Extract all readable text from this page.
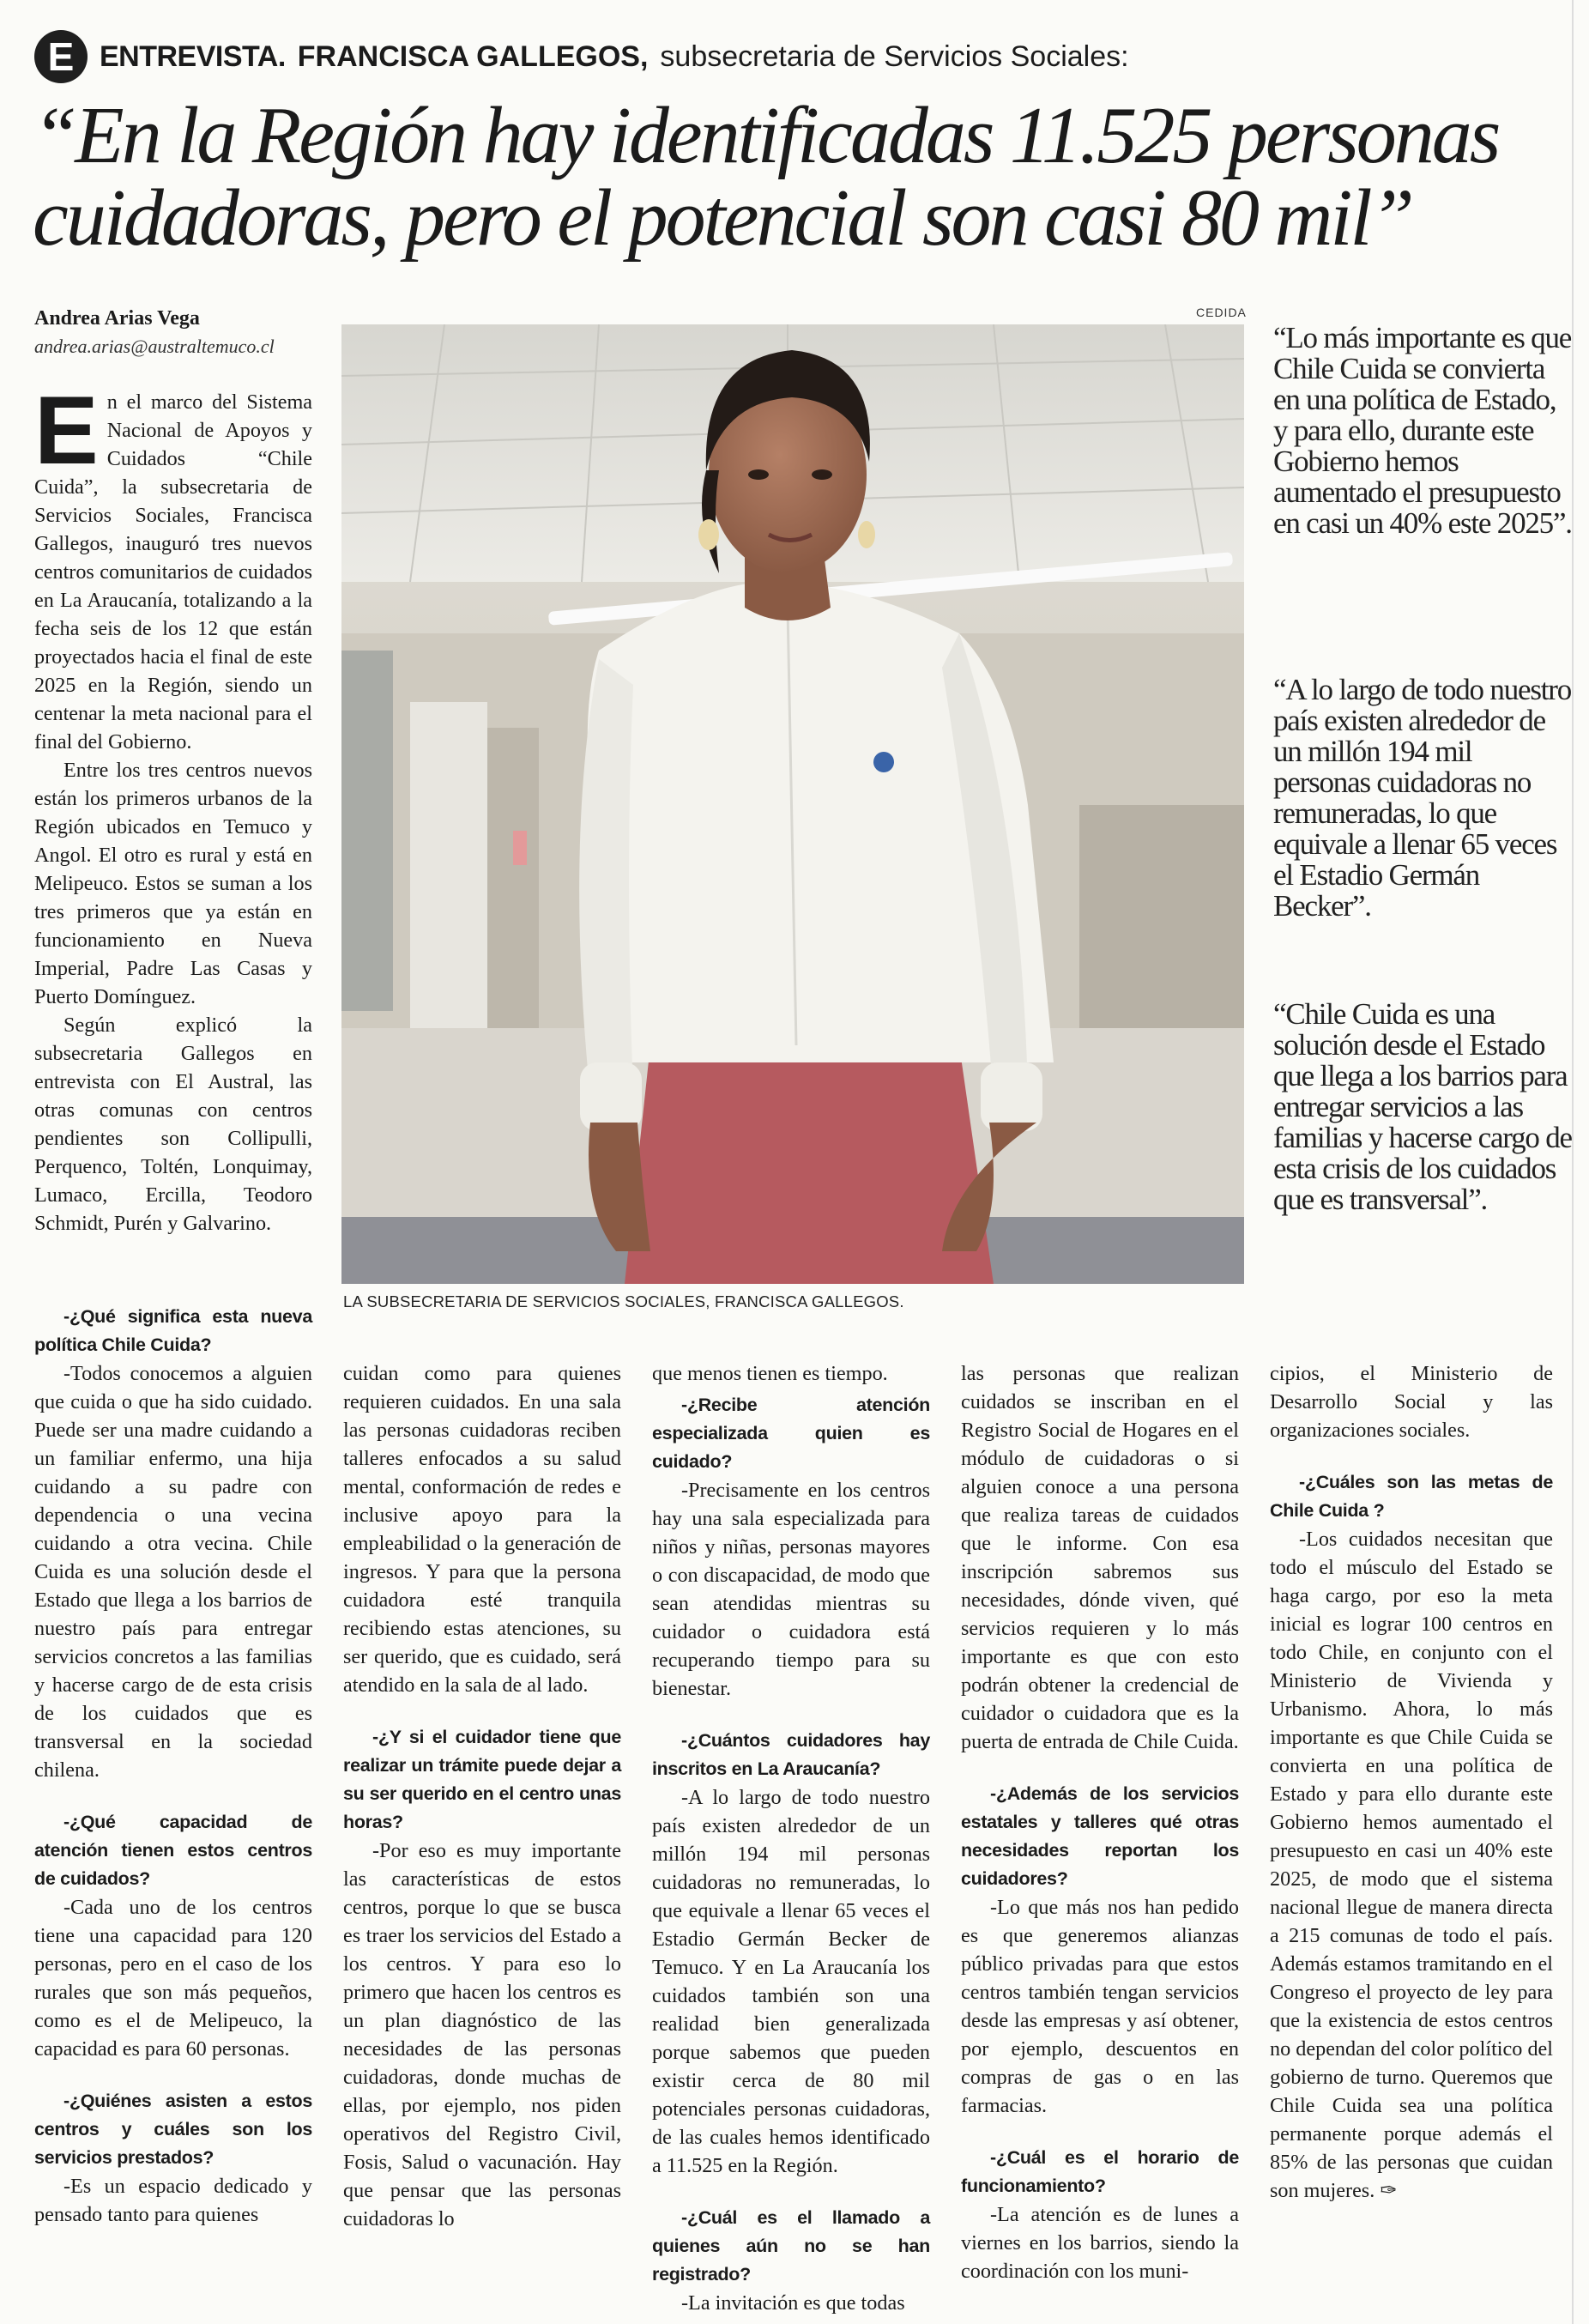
E ENTREVISTA. FRANCISCA GALLEGOS, subsecretaria de Servicios Sociales:
“En la Región hay identificadas 11.525 personas
cuidadoras, pero el potencial son casi 80 mil”
Andrea Arias Vega
andrea.arias@australtemuco.cl

En el marco del Sistema Nacional de Apoyos y Cuidados “Chile Cuida”, la subsecretaria de Servicios Sociales, Francisca Gallegos, inauguró tres nuevos centros comunitarios de cuidados en La Araucanía, totalizando a la fecha seis de los 12 que están proyectados hacia el final de este 2025 en la Región, siendo un centenar la meta nacional para el final del Gobierno.

Entre los tres centros nuevos están los primeros urbanos de la Región ubicados en Temuco y Angol. El otro es rural y está en Melipeuco. Estos se suman a los tres primeros que ya están en funcionamiento en Nueva Imperial, Padre Las Casas y Puerto Domínguez.

Según explicó la subsecretaria Gallegos en entrevista con El Austral, las otras comunas con centros pendientes son Collipulli, Perquenco, Toltén, Lonquimay, Lumaco, Ercilla, Teodoro Schmidt, Purén y Galvarino.

CEDIDA
LA SUBSECRETARIA DE SERVICIOS SOCIALES, FRANCISCA GALLEGOS.

“Lo más importante es que Chile Cuida se convierta en una política de Estado, y para ello, durante este Gobierno hemos aumentado el presupuesto en casi un 40% este 2025”.

“A lo largo de todo nuestro país existen alrededor de un millón 194 mil personas cuidadoras no remuneradas, lo que equivale a llenar 65 veces el Estadio Germán Becker”.

“Chile Cuida es una solución desde el Estado que llega a los barrios para entregar servicios a las familias y hacerse cargo de esta crisis de los cuidados que es transversal”.

-¿Qué significa esta nueva política Chile Cuida?

-Todos conocemos a alguien que cuida o que ha sido cuidado. Puede ser una madre cuidando a un familiar enfermo, una hija cuidando a su padre con dependencia o una vecina cuidando a otra vecina. Chile Cuida es una solución desde el Estado que llega a los barrios de nuestro país para entregar servicios concretos a las familias y hacerse cargo de de esta crisis de los cuidados que es transversal en la sociedad chilena.

-¿Qué capacidad de atención tienen estos centros de cuidados?

-Cada uno de los centros tiene una capacidad para 120 personas, pero en el caso de los rurales que son más pequeños, como es el de Melipeuco, la capacidad es para 60 personas.

-¿Quiénes asisten a estos centros y cuáles son los servicios prestados?

-Es un espacio dedicado y pensado tanto para quienes

cuidan como para quienes requieren cuidados. En una sala las personas cuidadoras reciben talleres enfocados a su salud mental, conformación de redes e inclusive apoyo para la empleabilidad o la generación de ingresos. Y para que la persona cuidadora esté tranquila recibiendo estas atenciones, su ser querido, que es cuidado, será atendido en la sala de al lado.

-¿Y si el cuidador tiene que realizar un trámite puede dejar a su ser querido en el centro unas horas?

-Por eso es muy importante las características de estos centros, porque lo que se busca es traer los servicios del Estado a los centros. Y para eso lo primero que hacen los centros es un plan diagnóstico de las necesidades de las personas cuidadoras, donde muchas de ellas, por ejemplo, nos piden operativos del Registro Civil, Fosis, Salud o vacunación. Hay que pensar que las personas cuidadoras lo

que menos tienen es tiempo.

-¿Recibe atención especializada quien es cuidado?

-Precisamente en los centros hay una sala especializada para niños y niñas, personas mayores o con discapacidad, de modo que sean atendidas mientras su cuidador o cuidadora está recuperando tiempo para su bienestar.

-¿Cuántos cuidadores hay inscritos en La Araucanía?

-A lo largo de todo nuestro país existen alrededor de un millón 194 mil personas cuidadoras no remuneradas, lo que equivale a llenar 65 veces el Estadio Germán Becker de Temuco. Y en La Araucanía los cuidados también son una realidad bien generalizada porque sabemos que pueden existir cerca de 80 mil potenciales personas cuidadoras, de las cuales hemos identificado a 11.525 en la Región.

-¿Cuál es el llamado a quienes aún no se han registrado?

-La invitación es que todas

las personas que realizan cuidados se inscriban en el Registro Social de Hogares en el módulo de cuidadoras o si alguien conoce a una persona que realiza tareas de cuidados que le informe. Con esa inscripción sabremos sus necesidades, dónde viven, qué servicios requieren y lo más importante es que con esto podrán obtener la credencial de cuidador o cuidadora que es la puerta de entrada de Chile Cuida.

-¿Además de los servicios estatales y talleres qué otras necesidades reportan los cuidadores?

-Lo que más nos han pedido es que generemos alianzas público privadas para que estos centros también tengan servicios desde las empresas y así obtener, por ejemplo, descuentos en compras de gas o en las farmacias.

-¿Cuál es el horario de funcionamiento?

-La atención es de lunes a viernes en los barrios, siendo la coordinación con los muni-

cipios, el Ministerio de Desarrollo Social y las organizaciones sociales.

-¿Cuáles son las metas de Chile Cuida ?

-Los cuidados necesitan que todo el músculo del Estado se haga cargo, por eso la meta inicial es lograr 100 centros en todo Chile, en conjunto con el Ministerio de Vivienda y Urbanismo. Ahora, lo más importante es que Chile Cuida se convierta en una política de Estado y para ello durante este Gobierno hemos aumentado el presupuesto en casi un 40% este 2025, de modo que el sistema nacional llegue de manera directa a 215 comunas de todo el país. Además estamos tramitando en el Congreso el proyecto de ley para que la existencia de estos centros no dependan del color político del gobierno de turno. Queremos que Chile Cuida sea una política permanente porque además el 85% de las personas que cuidan son mujeres. ✑
